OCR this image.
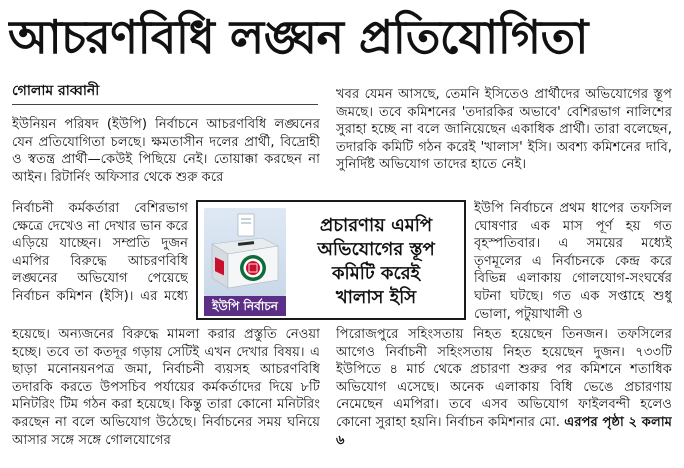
আচরণবিধি লঙ্ঘন প্রতিযোগিতা
গোলাম রাব্বানী
ইউনিয়ন পরিষদ (ইউপি) নির্বাচনে আচরণবিধি লঙ্ঘনের যেন প্রতিযোগিতা চলছে। ক্ষমতাসীন দলের প্রার্থী, বিদ্রোহী ও স্বতন্ত্র প্রার্থী—কেউই পিছিয়ে নেই। তোয়াক্কা করছেন না আইন। রিটার্নিং অফিসার থেকে শুরু করে
নির্বাচনী কর্মকর্তারা বেশিরভাগ ক্ষেত্রে দেখেও না দেখার ভান করে এড়িয়ে যাচ্ছেন। সম্প্রতি দুজন এমপির বিরুদ্ধে আচরণবিধি লঙ্ঘনের অভিযোগ পেয়েছে নির্বাচন কমিশন (ইসি)। এর মধ্যে
খবর যেমন আসছে, তেমনি ইসিতেও প্রার্থীদের অভিযোগের স্তূপ জমছে। তবে কমিশনের 'তদারকির অভাবে' বেশিরভাগ নালিশের সুরাহা হচ্ছে না বলে জানিয়েছেন একাধিক প্রার্থী। তারা বলেছেন, তদারকি কমিটি গঠন করেই 'খালাস' ইসি। অবশ্য কমিশনের দাবি, সুনির্দিষ্ট অভিযোগ তাদের হাতে নেই।
ইউপি নির্বাচনে প্রথম ধাপের তফসিল ঘোষণার এক মাস পূর্ণ হয় গত বৃহস্পতিবার। এ সময়ের মধ্যেই তৃণমূলের এ নির্বাচনকে কেন্দ্র করে বিভিন্ন এলাকায় গোলযোগ-সংঘর্ষের ঘটনা ঘটছে। গত এক সপ্তাহে শুধু ভোলা, পটুয়াখালী ও
হয়েছে। অন্যজনের বিরুদ্ধে মামলা করার প্রস্তুতি নেওয়া হচ্ছে। তবে তা কতদূর গড়ায় সেটিই এখন দেখার বিষয়। এ ছাড়া মনোনয়নপত্র জমা, নির্বাচনী ব্যয়সহ আচরণবিধি তদারকি করতে উপসচিব পর্যায়ের কর্মকর্তাদের দিয়ে ৮টি মনিটরিং টিম গঠন করা হয়েছে। কিন্তু তারা কোনো মনিটরিং করছেন না বলে অভিযোগ উঠেছে। নির্বাচনের সময় ঘনিয়ে আসার সঙ্গে সঙ্গে গোলযোগের
পিরোজপুরে সহিংসতায় নিহত হয়েছেন তিনজন। তফসিলের আগেও নির্বাচনী সহিংসতায় নিহত হয়েছেন দুজন। ৭৩৩টি ইউপিতে ৪ মার্চ থেকে প্রচারণা শুরুর পর কমিশনে শতাধিক অভিযোগ এসেছে। অনেক এলাকায় বিধি ভেঙে প্রচারণায় নেমেছেন এমপিরা। তবে এসব অভিযোগ ফাইলবন্দী হলেও কোনো সুরাহা হয়নি। নির্বাচন কমিশনার মো. এরপর পৃষ্ঠা ২ কলাম ৬
ইউপি নির্বাচন
প্রচারণায় এমপি
অভিযোগের স্তূপ
কমিটি করেই
খালাস ইসি
